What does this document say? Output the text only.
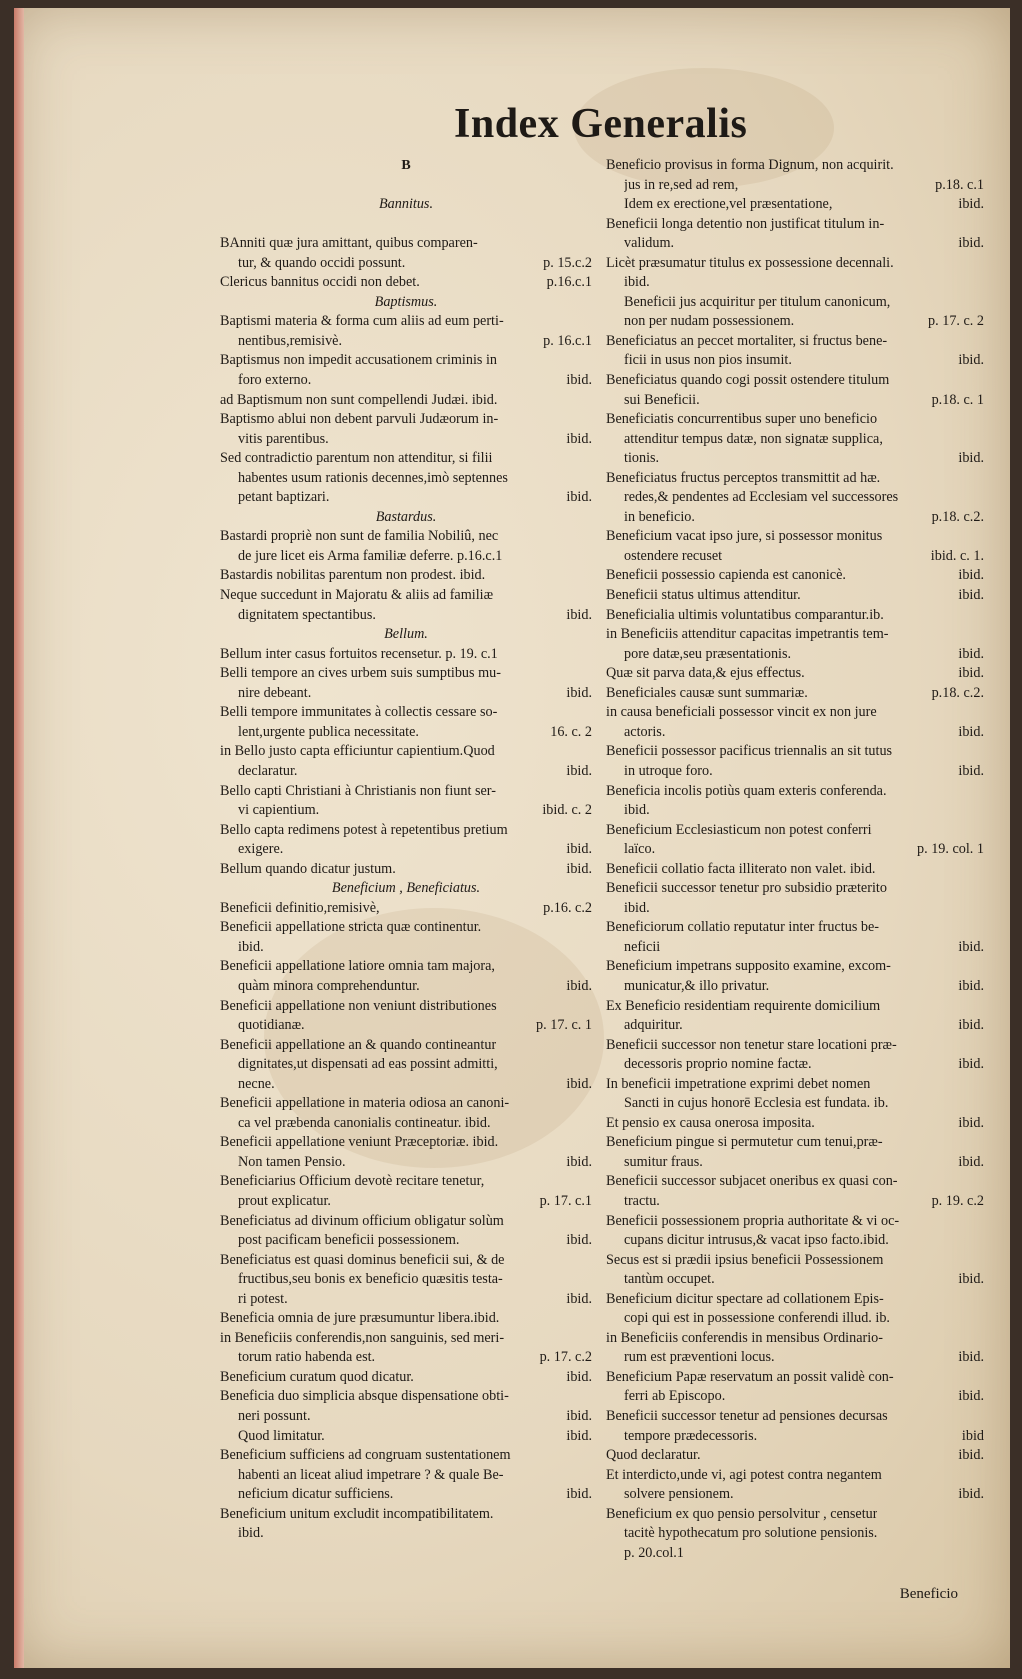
Index Generalis
B
Bannitus.
BAnniti quæ jura amittant, quibus comparen-
tur, & quando occidi possunt.	p. 15.c.2
Clericus bannitus occidi non debet.	p.16.c.1
Baptismus.
Baptismi materia & forma cum aliis ad eum perti-
nentibus,remisivè.	p. 16.c.1
Baptismus non impedit accusationem criminis in
foro externo.	ibid.
ad Baptismum non sunt compellendi Judæi. ibid.
Baptismo ablui non debent parvuli Judæorum in-
vitis parentibus.	ibid.
Sed contradictio parentum non attenditur, si filii
habentes usum rationis decennes,imò septennes
petant baptizari.	ibid.
Bastardus.
Bastardi propriè non sunt de familia Nobiliû, nec
de jure licet eis Arma familiæ deferre. p.16.c.1
Bastardis nobilitas parentum non prodest. ibid.
Neque succedunt in Majoratu & aliis ad familiæ
dignitatem spectantibus.	ibid.
Bellum.
Bellum inter casus fortuitos recensetur. p. 19. c.1
Belli tempore an cives urbem suis sumptibus mu-
nire debeant.	ibid.
Belli tempore immunitates à collectis cessare so-
lent,urgente publica necessitate.	16. c. 2
in Bello justo capta efficiuntur capientium.Quod
declaratur.	ibid.
Bello capti Christiani à Christianis non fiunt ser-
vi capientium.	ibid. c. 2
Bello capta redimens potest à repetentibus pretium
exigere.	ibid.
Bellum quando dicatur justum.	ibid.
Beneficium , Beneficiatus.
Beneficii definitio,remisivè,	p.16. c.2
Beneficii appellatione stricta quæ continentur.
ibid.
Beneficii appellatione latiore omnia tam majora,
quàm minora comprehenduntur.	ibid.
Beneficii appellatione non veniunt distributiones
quotidianæ.	p. 17. c. 1
Beneficii appellatione an & quando contineantur
dignitates,ut dispensati ad eas possint admitti,
necne.	ibid.
Beneficii appellatione in materia odiosa an canoni-
ca vel præbenda canonialis contineatur. ibid.
Beneficii appellatione veniunt Præceptoriæ. ibid.
Non tamen Pensio.	ibid.
Beneficiarius Officium devotè recitare tenetur,
prout explicatur.	p. 17. c.1
Beneficiatus ad divinum officium obligatur solùm
post pacificam beneficii possessionem.	ibid.
Beneficiatus est quasi dominus beneficii sui, & de
fructibus,seu bonis ex beneficio quæsitis testa-
ri potest.	ibid.
Beneficia omnia de jure præsumuntur libera.ibid.
in Beneficiis conferendis,non sanguinis, sed meri-
torum ratio habenda est.	p. 17. c.2
Beneficium curatum quod dicatur.	ibid.
Beneficia duo simplicia absque dispensatione obti-
neri possunt.	ibid.
Quod limitatur.	ibid.
Beneficium sufficiens ad congruam sustentationem
habenti an liceat aliud impetrare ? & quale Be-
neficium dicatur sufficiens.	ibid.
Beneficium unitum excludit incompatibilitatem.
ibid.
Beneficio provisus in forma Dignum, non acquirit.
jus in re,sed ad rem,	p.18. c.1
Idem ex erectione,vel præsentatione,	ibid.
Beneficii longa detentio non justificat titulum in-
validum.	ibid.
Licèt præsumatur titulus ex possessione decennali.
ibid.
Beneficii jus acquiritur per titulum canonicum,
non per nudam possessionem.	p. 17. c. 2
Beneficiatus an peccet mortaliter, si fructus bene-
ficii in usus non pios insumit.	ibid.
Beneficiatus quando cogi possit ostendere titulum
sui Beneficii.	p.18. c. 1
Beneficiatis concurrentibus super uno beneficio
attenditur tempus datæ, non signatæ supplica,
tionis.	ibid.
Beneficiatus fructus perceptos transmittit ad hæ.
redes,& pendentes ad Ecclesiam vel successores
in beneficio.	p.18. c.2.
Beneficium vacat ipso jure, si possessor monitus
ostendere recuset	ibid. c. 1.
Beneficii possessio capienda est canonicè.	ibid.
Beneficii status ultimus attenditur.	ibid.
Beneficialia ultimis voluntatibus comparantur.ib.
in Beneficiis attenditur capacitas impetrantis tem-
pore datæ,seu præsentationis.	ibid.
Quæ sit parva data,& ejus effectus.	ibid.
Beneficiales causæ sunt summariæ.	p.18. c.2.
in causa beneficiali possessor vincit ex non jure
actoris.	ibid.
Beneficii possessor pacificus triennalis an sit tutus
in utroque foro.	ibid.
Beneficia incolis potiùs quam exteris conferenda.
ibid.
Beneficium Ecclesiasticum non potest conferri
laïco.	p. 19. col. 1
Beneficii collatio facta illiterato non valet. ibid.
Beneficii successor tenetur pro subsidio præterito
ibid.
Beneficiorum collatio reputatur inter fructus be-
neficii	ibid.
Beneficium impetrans supposito examine, excom-
municatur,& illo privatur.	ibid.
Ex Beneficio residentiam requirente domicilium
adquiritur.	ibid.
Beneficii successor non tenetur stare locationi præ-
decessoris proprio nomine factæ.	ibid.
In beneficii impetratione exprimi debet nomen
Sancti in cujus honorē Ecclesia est fundata. ib.
Et pensio ex causa onerosa imposita.	ibid.
Beneficium pingue si permutetur cum tenui,præ-
sumitur fraus.	ibid.
Beneficii successor subjacet oneribus ex quasi con-
tractu.	p. 19. c.2
Beneficii possessionem propria authoritate & vi oc-
cupans dicitur intrusus,& vacat ipso facto.ibid.
Secus est si prædii ipsius beneficii Possessionem
tantùm occupet.	ibid.
Beneficium dicitur spectare ad collationem Epis-
copi qui est in possessione conferendi illud. ib.
in Beneficiis conferendis in mensibus Ordinario-
rum est præventioni locus.	ibid.
Beneficium Papæ reservatum an possit validè con-
ferri ab Episcopo.	ibid.
Beneficii successor tenetur ad pensiones decursas
tempore prædecessoris.	ibid
Quod declaratur.	ibid.
Et interdicto,unde vi, agi potest contra negantem
solvere pensionem.	ibid.
Beneficium ex quo pensio persolvitur , censetur
tacitè hypothecatum pro solutione pensionis.
p. 20.col.1
Beneficio
